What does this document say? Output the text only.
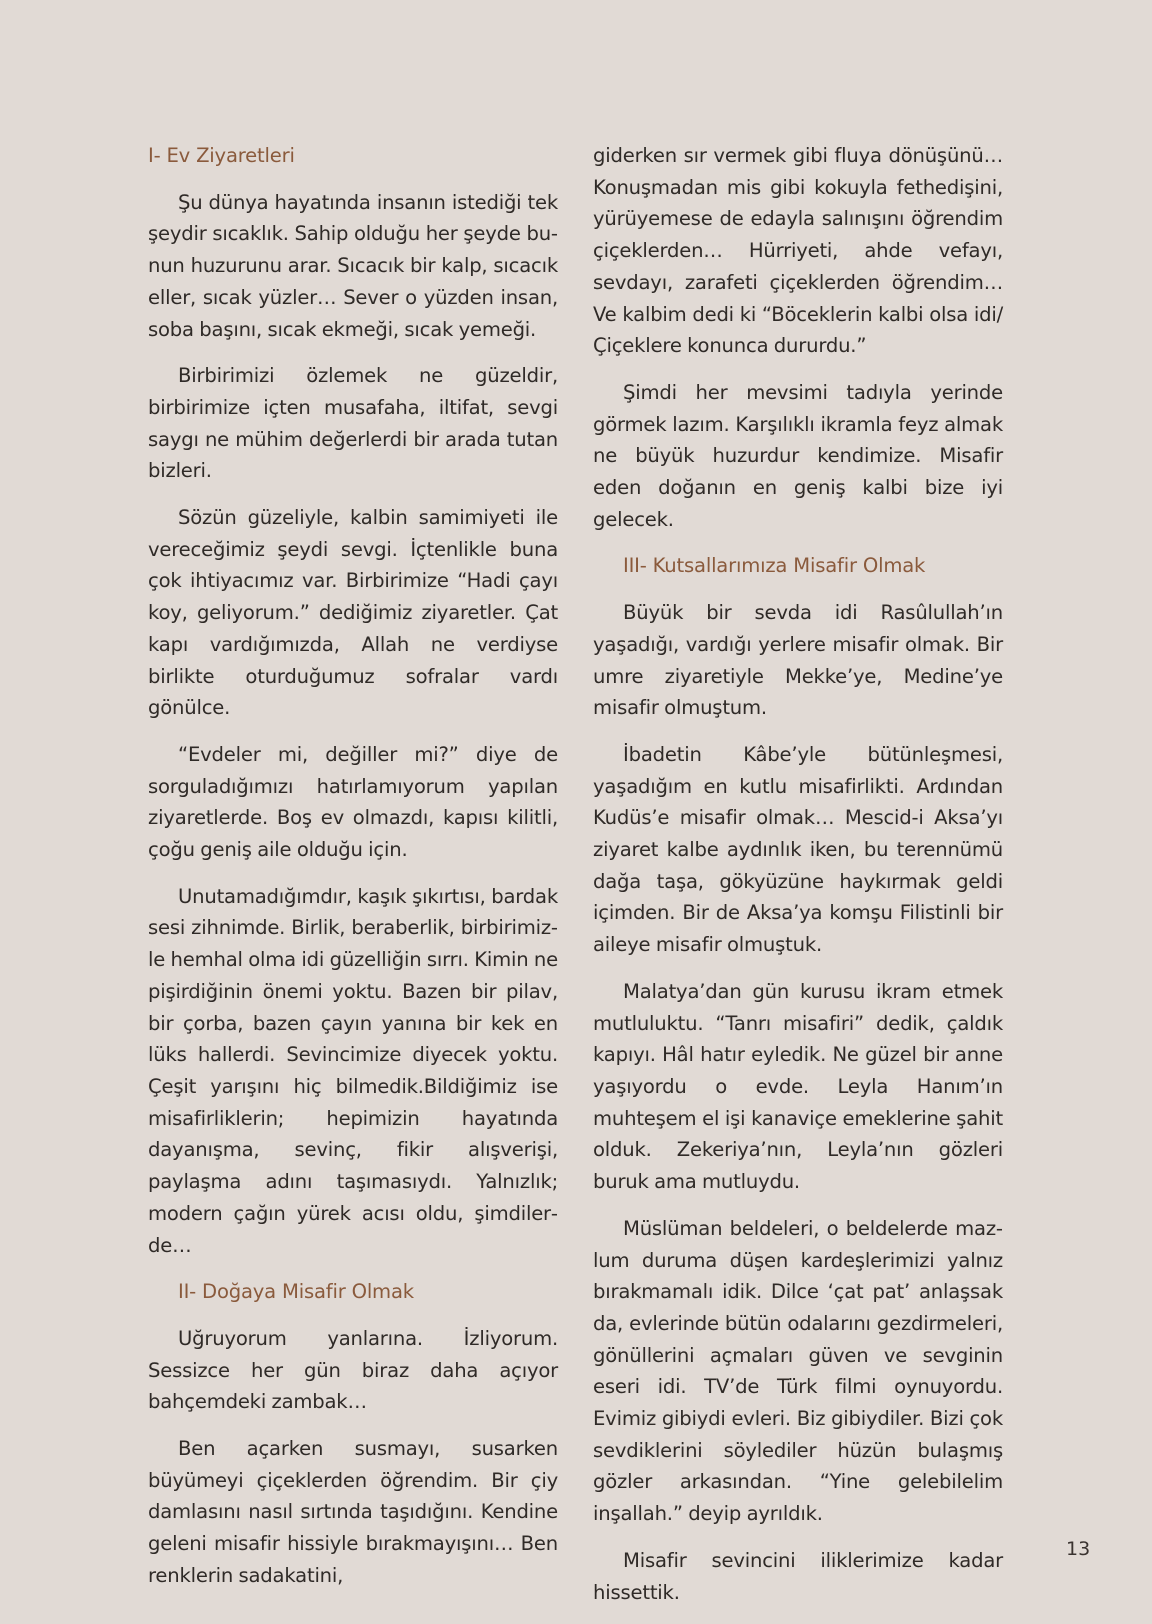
I- Ev Ziyaretleri

Şu dünya hayatında insanın istediği tek şeydir sıcaklık. Sahip olduğu her şeyde bunun huzurunu arar. Sıcacık bir kalp, sıcacık eller, sıcak yüzler… Sever o yüzden insan, soba başını, sıcak ekmeği, sıcak yemeği.

Birbirimizi özlemek ne güzeldir, birbirimize içten musafaha, iltifat, sevgi saygı ne mühim değerlerdi bir arada tutan bizleri.

Sözün güzeliyle, kalbin samimiyeti ile vereceğimiz şeydi sevgi. İçtenlikle buna çok ihtiyacımız var. Birbirimize “Hadi çayı koy, geliyorum.” dediğimiz ziyaretler. Çat kapı vardığımızda, Allah ne verdiyse birlikte oturduğumuz sofralar vardı gönülce.

“Evdeler mi, değiller mi?” diye de sorguladığımızı hatırlamıyorum yapılan ziyaretlerde. Boş ev olmazdı, kapısı kilitli, çoğu geniş aile olduğu için.

Unutamadığımdır, kaşık şıkırtısı, bardak sesi zihnimde. Birlik, beraberlik, birbirimizle hemhal olma idi güzelliğin sırrı. Kimin ne pişirdiğinin önemi yoktu. Bazen bir pilav, bir çorba, bazen çayın yanına bir kek en lüks hallerdi. Sevincimize diyecek yoktu. Çeşit yarışını hiç bilmedik.Bildiğimiz ise misafirliklerin; hepimizin hayatında dayanışma, sevinç, fikir alışverişi, paylaşma adını taşımasıydı. Yalnızlık; modern çağın yürek acısı oldu, şimdilerde…

II- Doğaya Misafir Olmak

Uğruyorum yanlarına. İzliyorum. Sessizce her gün biraz daha açıyor bahçemdeki zambak…

Ben açarken susmayı, susarken büyümeyi çiçeklerden öğrendim. Bir çiy damlasını nasıl sırtında taşıdığını. Kendine geleni misafir hissiyle bırakmayışını… Ben renklerin sadakatini,

giderken sır vermek gibi fluya dönüşünü… Konuşmadan mis gibi kokuyla fethedişini, yürüyemese de edayla salınışını öğrendim çiçeklerden… Hürriyeti, ahde vefayı, sevdayı, zarafeti çiçeklerden öğrendim… Ve kalbim dedi ki “Böceklerin kalbi olsa idi/Çiçeklere konunca dururdu.”

Şimdi her mevsimi tadıyla yerinde görmek lazım. Karşılıklı ikramla feyz almak ne büyük huzurdur kendimize. Misafir eden doğanın en geniş kalbi bize iyi gelecek.

III- Kutsallarımıza Misafir Olmak

Büyük bir sevda idi Rasûlullah’ın yaşadığı, vardığı yerlere misafir olmak. Bir umre ziyaretiyle Mekke’ye, Medine’ye misafir olmuştum.

İbadetin Kâbe’yle bütünleşmesi, yaşadığım en kutlu misafirlikti. Ardından Kudüs’e misafir olmak… Mescid-i Aksa’yı ziyaret kalbe aydınlık iken, bu terennümü dağa taşa, gökyüzüne haykırmak geldi içimden. Bir de Aksa’ya komşu Filistinli bir aileye misafir olmuştuk.

Malatya’dan gün kurusu ikram etmek mutluluktu. “Tanrı misafiri” dedik, çaldık kapıyı. Hâl hatır eyledik. Ne güzel bir anne yaşıyordu o evde. Leyla Hanım’ın muhteşem el işi kanaviçe emeklerine şahit olduk. Zekeriya’nın, Leyla’nın gözleri buruk ama mutluydu.

Müslüman beldeleri, o beldelerde mazlum duruma düşen kardeşlerimizi yalnız bırakmamalı idik. Dilce ‘çat pat’ anlaşsak da, evlerinde bütün odalarını gezdirmeleri, gönüllerini açmaları güven ve sevginin eseri idi. TV’de Türk filmi oynuyordu. Evimiz gibiydi evleri. Biz gibiydiler. Bizi çok sevdiklerini söylediler hüzün bulaşmış gözler arkasından. “Yine gelebilelim inşallah.” deyip ayrıldık.

Misafir sevincini iliklerimize kadar hissettik.

13
